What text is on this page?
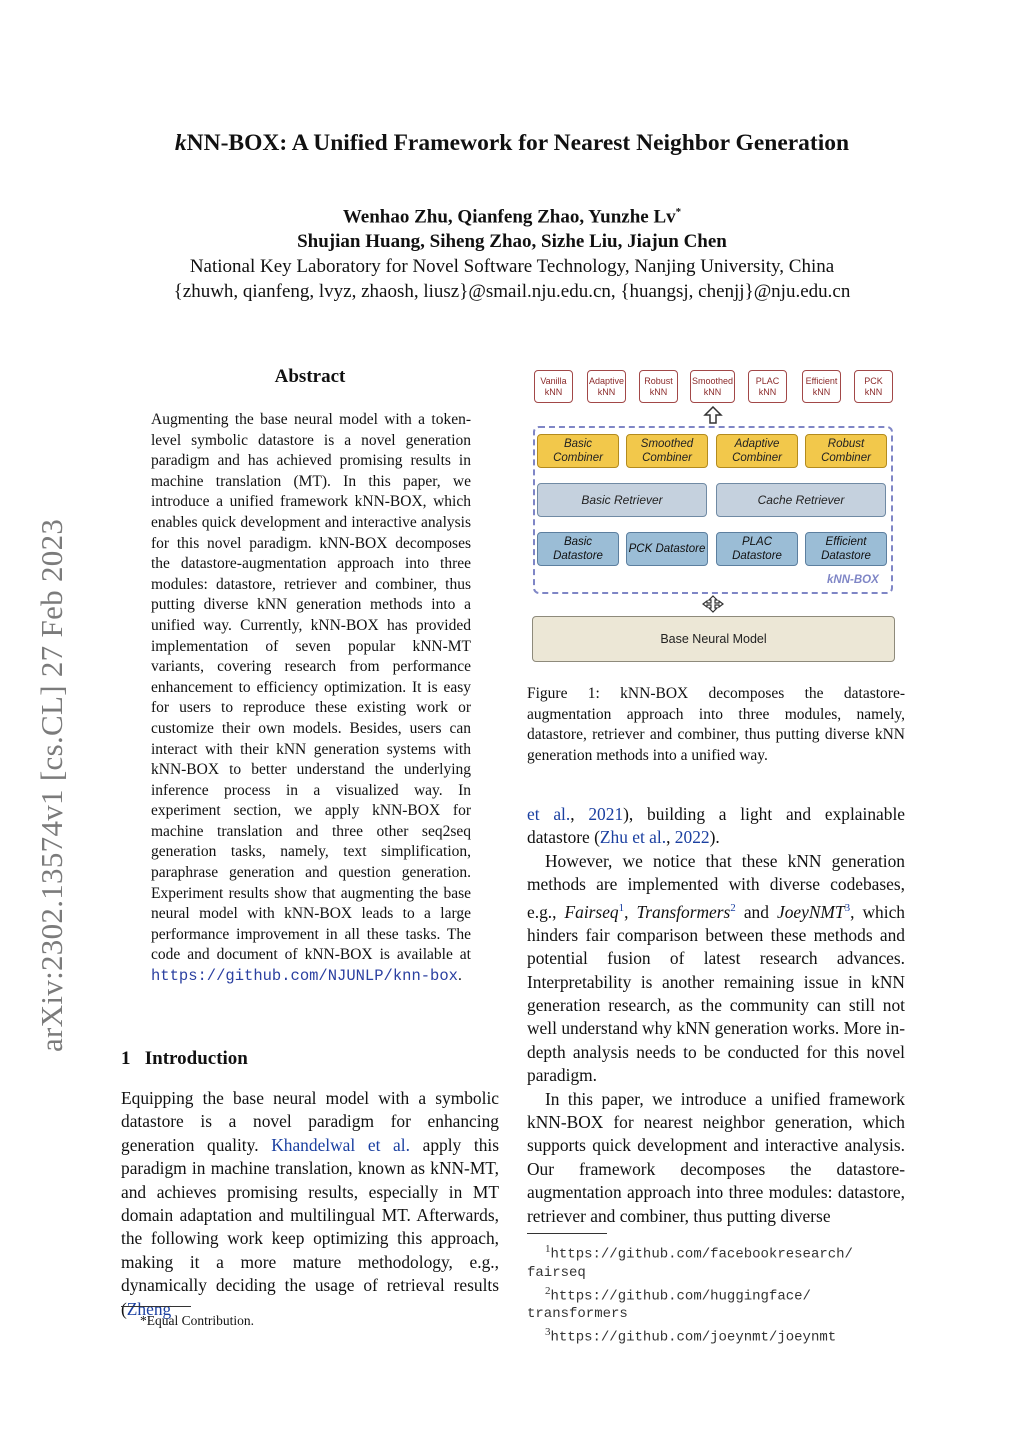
arXiv:2302.13574v1 [cs.CL] 27 Feb 2023
kNN-BOX: A Unified Framework for Nearest Neighbor Generation
Wenhao Zhu, Qianfeng Zhao, Yunzhe Lv*
Shujian Huang, Siheng Zhao, Sizhe Liu, Jiajun Chen
National Key Laboratory for Novel Software Technology, Nanjing University, China
{zhuwh, qianfeng, lvyz, zhaosh, liusz}@smail.nju.edu.cn, {huangsj, chenjj}@nju.edu.cn
Abstract
Augmenting the base neural model with a token-level symbolic datastore is a novel generation paradigm and has achieved promising results in machine translation (MT). In this paper, we introduce a unified framework kNN-BOX, which enables quick development and interactive analysis for this novel paradigm. kNN-BOX decomposes the datastore-augmentation approach into three modules: datastore, retriever and combiner, thus putting diverse kNN generation methods into a unified way. Currently, kNN-BOX has provided implementation of seven popular kNN-MT variants, covering research from performance enhancement to efficiency optimization. It is easy for users to reproduce these existing work or customize their own models. Besides, users can interact with their kNN generation systems with kNN-BOX to better understand the underlying inference process in a visualized way. In experiment section, we apply kNN-BOX for machine translation and three other seq2seq generation tasks, namely, text simplification, paraphrase generation and question generation. Experiment results show that augmenting the base neural model with kNN-BOX leads to a large performance improvement in all these tasks. The code and document of kNN-BOX is available at https://github.com/NJUNLP/knn-box.
1   Introduction

Equipping the base neural model with a symbolic datastore is a novel paradigm for enhancing generation quality. Khandelwal et al. apply this paradigm in machine translation, known as kNN-MT, and achieves promising results, especially in MT domain adaptation and multilingual MT. Afterwards, the following work keep optimizing this approach, making it a more mature methodology, e.g., dynamically deciding the usage of retrieval results (Zheng

Vanilla kNN
Adaptive kNN
Robust kNN
Smoothed kNN
PLAC kNN
Efficient kNN
PCK kNN
Basic Combiner
Smoothed Combiner
Adaptive Combiner
Robust Combiner
Basic Retriever	Cache Retriever
Basic Datastore
PCK Datastore
PLAC Datastore
Efficient Datastore
kNN-BOX
Base Neural Model
Figure 1: kNN-BOX decomposes the datastore-augmentation approach into three modules, namely, datastore, retriever and combiner, thus putting diverse kNN generation methods into a unified way.

et al., 2021), building a light and explainable datastore (Zhu et al., 2022).

However, we notice that these kNN generation methods are implemented with diverse codebases, e.g., Fairseq$^1$, Transformers$^2$ and JoeyNMT$^3$, which hinders fair comparison between these methods and potential fusion of latest research advances. Interpretability is another remaining issue in kNN generation research, as the community can still not well understand why kNN generation works. More in-depth analysis needs to be conducted for this novel paradigm.

In this paper, we introduce a unified framework kNN-BOX for nearest neighbor generation, which supports quick development and interactive analysis. Our framework decomposes the datastore-augmentation approach into three modules: datastore, retriever and combiner, thus putting diverse

*Equal Contribution.
$^1$https://github.com/facebookresearch/
fairseq
$^2$https://github.com/huggingface/
transformers
$^3$https://github.com/joeynmt/joeynmt
